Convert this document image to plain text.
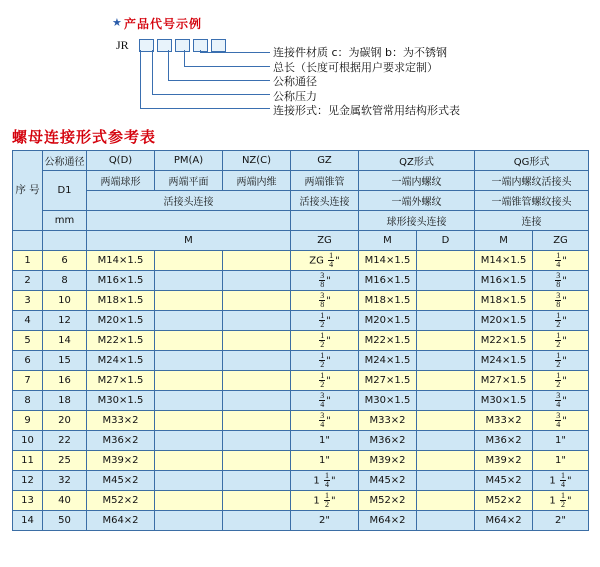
★ 产品代号示例
JR
连接件材质 c：为碳钢 b：为不锈钢
总长（长度可根据用户要求定制）
公称通径
公称压力
连接形式：见金属软管常用结构形式表
螺母连接形式参考表
序 号	公称通径	Q(D)	PM(A)	NZ(C)	GZ	QZ形式		QG形式	
	D1	两端球形	两端平面	两端内维	两端锥管	一端内螺纹		一端内螺纹活接头	
		活接头连接			活接头连接	一端外螺纹		一端锥管螺纹接头	
	mm					球形接头连接		连接	
		M			ZG	M	D	M	ZG
1	6	M14×1.5			ZG $\frac{1}{4}$ "	M14×1.5		M14×1.5	$\frac{1}{4}$ "
2	8	M16×1.5			$\frac{3}{8}$ "	M16×1.5		M16×1.5	$\frac{3}{8}$ "
3	10	M18×1.5			$\frac{3}{8}$ "	M18×1.5		M18×1.5	$\frac{3}{8}$ "
4	12	M20×1.5			$\frac{1}{2}$ "	M20×1.5		M20×1.5	$\frac{1}{2}$ "
5	14	M22×1.5			$\frac{1}{2}$ "	M22×1.5		M22×1.5	$\frac{1}{2}$ "
6	15	M24×1.5			$\frac{1}{2}$ "	M24×1.5		M24×1.5	$\frac{1}{2}$ "
7	16	M27×1.5			$\frac{1}{2}$ "	M27×1.5		M27×1.5	$\frac{1}{2}$ "
8	18	M30×1.5			$\frac{3}{4}$ "	M30×1.5		M30×1.5	$\frac{3}{4}$ "
9	20	M33×2			$\frac{3}{4}$ "	M33×2		M33×2	$\frac{3}{4}$ "
10	22	M36×2			1"	M36×2		M36×2	1"
11	25	M39×2			1"	M39×2		M39×2	1"
12	32	M45×2			$1 \frac{1}{4}$ "	M45×2		M45×2	$1 \frac{1}{4}$ "
13	40	M52×2			$1 \frac{1}{2}$ "	M52×2		M52×2	$1 \frac{1}{2}$ "
14	50	M64×2			2"	M64×2		M64×2	2"
